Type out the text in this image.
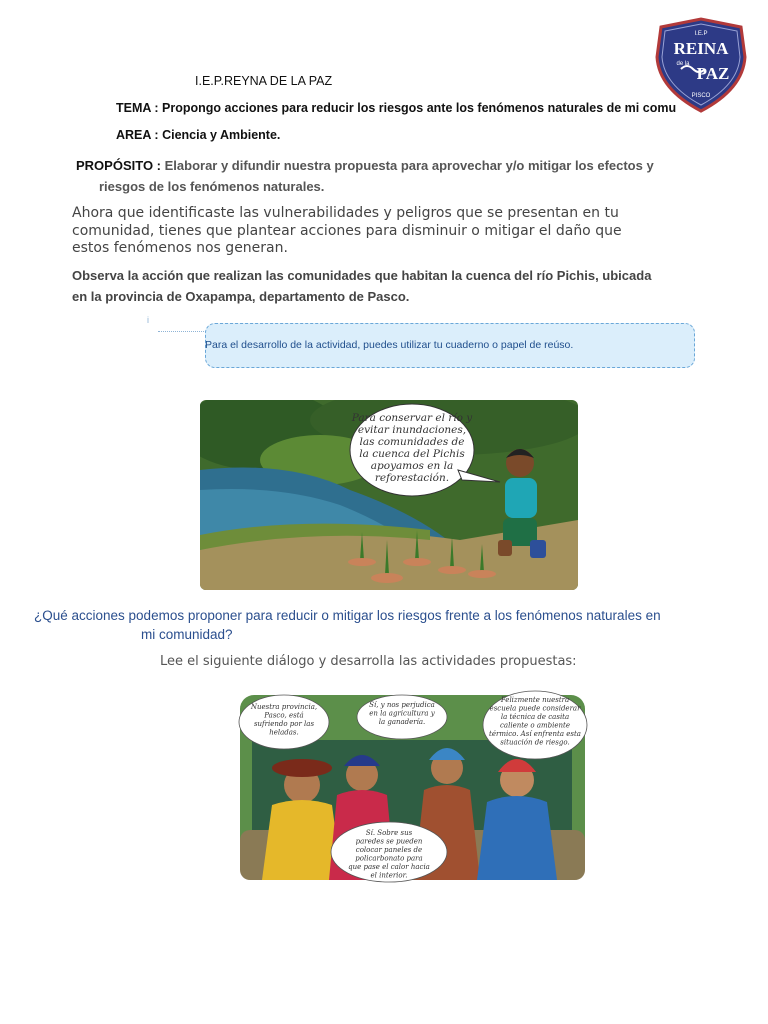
I.E.P.REYNA DE LA PAZ
TEMA : Propongo acciones para reducir los riesgos ante los fenómenos naturales de mi comu
AREA : Ciencia y Ambiente.
I.E.P
REINA
de la PAZ
PISCO
PROPÓSITO : Elaborar y difundir nuestra propuesta para aprovechar y/o mitigar los efectos y
riesgos de los fenómenos naturales.
Ahora que identificaste las vulnerabilidades y peligros que se presentan en tu comunidad, tienes que plantear acciones para disminuir o mitigar el daño que estos fenómenos nos generan.
Observa la acción que realizan las comunidades que habitan la cuenca del río Pichis, ubicada
en la provincia de Oxapampa, departamento de Pasco.
i
Para el desarrollo de la actividad, puedes utilizar tu cuaderno o papel de reúso.
Para conservar el río y
evitar inundaciones,
las comunidades de
la cuenca del Pichis
apoyamos en la
reforestación.
¿Qué acciones podemos proponer para reducir o mitigar los riesgos frente a los fenómenos naturales en
mi comunidad?
Lee el siguiente diálogo y desarrolla las actividades propuestas:
Nuestra provincia,
Pasco, está
sufriendo por las
heladas.
Sí, y nos perjudica
en la agricultura y
la ganadería.
Felizmente nuestra
escuela puede considerar
la técnica de casita
caliente o ambiente
térmico. Así enfrenta esta
situación de riesgo.
Sí. Sobre sus
paredes se pueden
colocar paneles de
policarbonato para
que pase el calor hacia
el interior.
